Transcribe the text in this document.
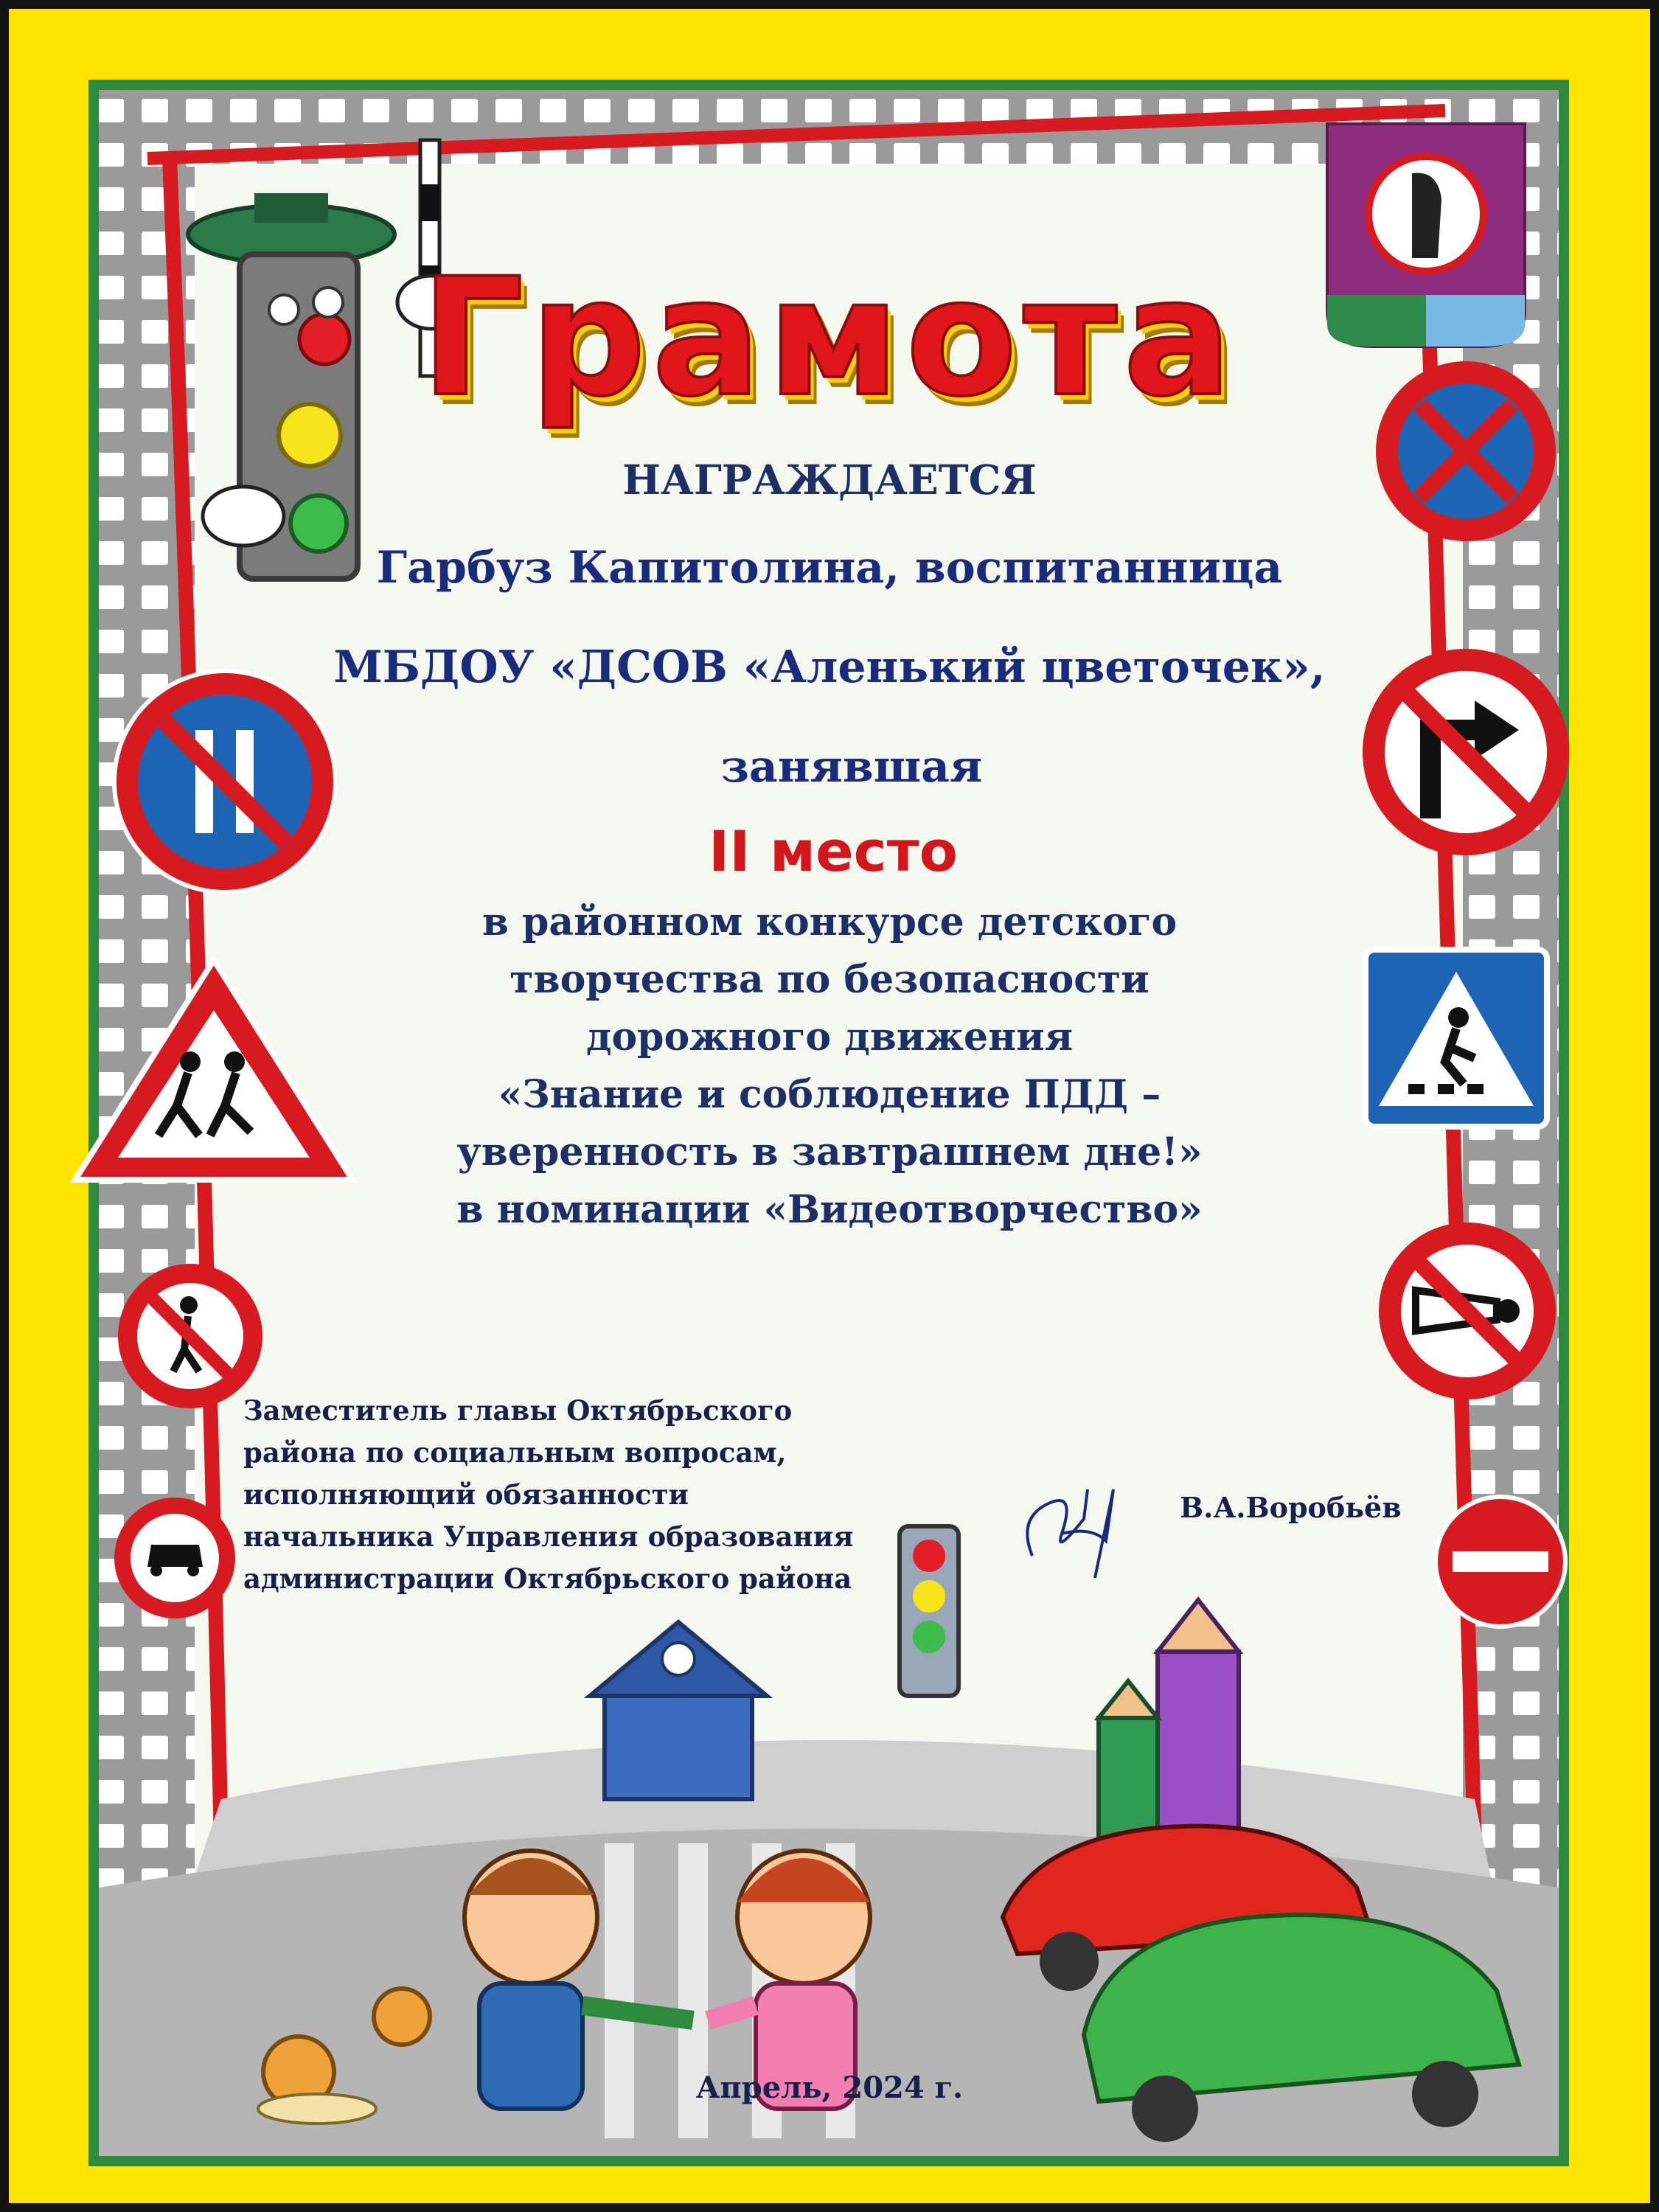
Грамота
НАГРАЖДАЕТСЯ
Гарбуз Капитолина, воспитанница
МБДОУ «ДСОВ «Аленький цветочек»,
занявшая
II место
в районном конкурсе детского
творчества по безопасности
дорожного движения
«Знание и соблюдение ПДД –
уверенность в завтрашнем дне!»
в номинации «Видеотворчество»
Заместитель главы Октябрьского
района по социальным вопросам,
исполняющий обязанности
начальника Управления образования
администрации Октябрьского района
В.А.Воробьёв
Апрель, 2024 г.
